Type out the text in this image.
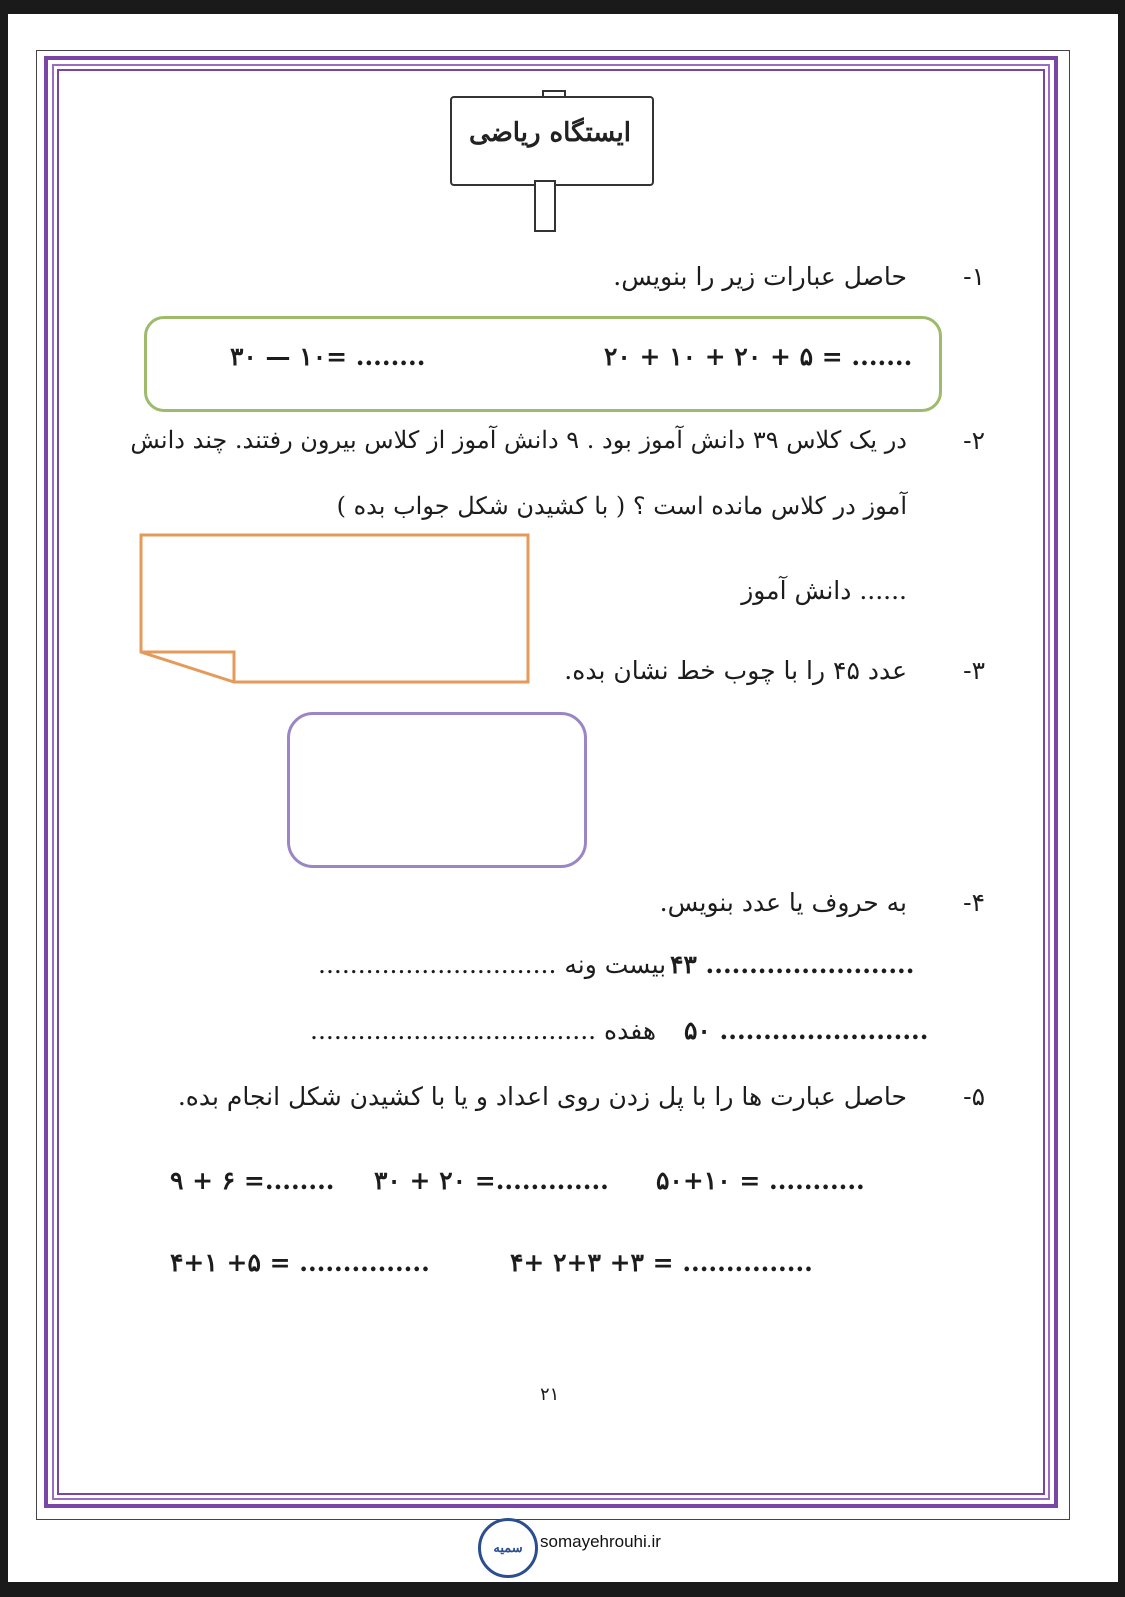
ایستگاه ریاضی
-۱
حاصل عبارات زیر را بنویس.
۲۰ + ۱۰ + ۲۰ + ۵ = .......
۳۰ — ۱۰= ........
-۲
در یک کلاس ۳۹ دانش آموز بود . ۹ دانش آموز از کلاس بیرون رفتند. چند دانش
آموز در کلاس مانده است ؟ ( با کشیدن شکل جواب بده )
...... دانش آموز
-۳
عدد ۴۵ را با چوب خط نشان بده.
-۴
به حروف یا عدد بنویس.
۴۳ ........................
بیست ونه ..............................
۵۰ ........................
هفده ....................................
-۵
حاصل عبارت ها را با پل زدن روی اعداد و یا با کشیدن شکل انجام بده.
۵۰+۱۰ = ...........
۳۰ + ۲۰ =.............
۹ + ۶ =........
۴+ ۲+۳ +۳ = ...............
۴+۱ +۵ = ...............
۲۱
سمیه somayehrouhi.ir
